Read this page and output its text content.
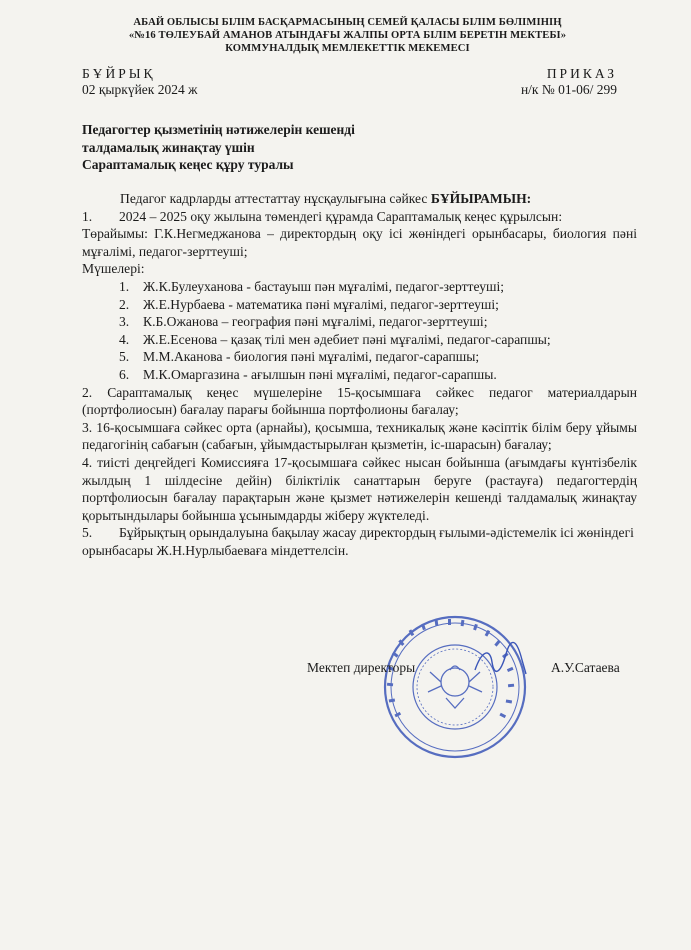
АБАЙ ОБЛЫСЫ БІЛІМ БАСҚАРМАСЫНЫҢ СЕМЕЙ ҚАЛАСЫ БІЛІМ БӨЛІМІНІҢ
«№16 ТӨЛЕУБАЙ АМАНОВ АТЫНДАҒЫ ЖАЛПЫ ОРТА БІЛІМ БЕРЕТІН МЕКТЕБІ»
КОММУНАЛДЫҚ МЕМЛЕКЕТТІК МЕКЕМЕСІ
БҰЙРЫҚ
02 қыркүйек 2024 ж
ПРИКАЗ
н/к № 01-06/ 299
Педагогтер қызметінің нәтижелерін кешенді
талдамалық жинақтау үшін
Сараптамалық кеңес құру туралы

Педагог кадрларды аттестаттау нұсқаулығына сәйкес БҰЙЫРАМЫН:

1. 2024 – 2025 оқу жылына төмендегі құрамда Сараптамалық кеңес құрылсын:

Төрайымы: Г.К.Негмеджанова – директордың оқу ісі жөніндегі орынбасары, биология пәні мұғалімі, педагог-зерттеуші;

Мүшелері:

1. Ж.К.Булеуханова - бастауыш пән мұғалімі, педагог-зерттеуші;
2. Ж.Е.Нурбаева - математика пәні мұғалімі, педагог-зерттеуші;
3. К.Б.Ожанова – география пәні мұғалімі, педагог-зерттеуші;
4. Ж.Е.Есенова – қазақ тілі мен әдебиет пәні мұғалімі, педагог-сарапшы;
5. М.М.Аканова - биология пәні мұғалімі, педагог-сарапшы;
6. М.К.Омаргазина - ағылшын пәні мұғалімі, педагог-сарапшы.

2. Сараптамалық кеңес мүшелеріне 15-қосымшаға сәйкес педагог материалдарын (портфолиосын) бағалау парағы бойынша портфолионы бағалау;

3. 16-қосымшаға сәйкес орта (арнайы), қосымша, техникалық және кәсіптік білім беру ұйымы педагогінің сабағын (сабағын, ұйымдастырылған қызметін, іс-шарасын) бағалау;

4. тиісті деңгейдегі Комиссияға 17-қосымшаға сәйкес нысан бойынша (ағымдағы күнтізбелік жылдың 1 шілдесіне дейін) біліктілік санаттарын беруге (растауға) педагогтердің портфолиосын бағалау парақтарын және қызмет нәтижелерін кешенді талдамалық жинақтау қорытындылары бойынша ұсынымдарды жіберу жүктеледі.

5. Бұйрықтың орындалуына бақылау жасау директордың ғылыми-әдістемелік ісі жөніндегі орынбасары Ж.Н.Нурлыбаеваға міндеттелсін.

Мектеп директоры	А.У.Сатаева
